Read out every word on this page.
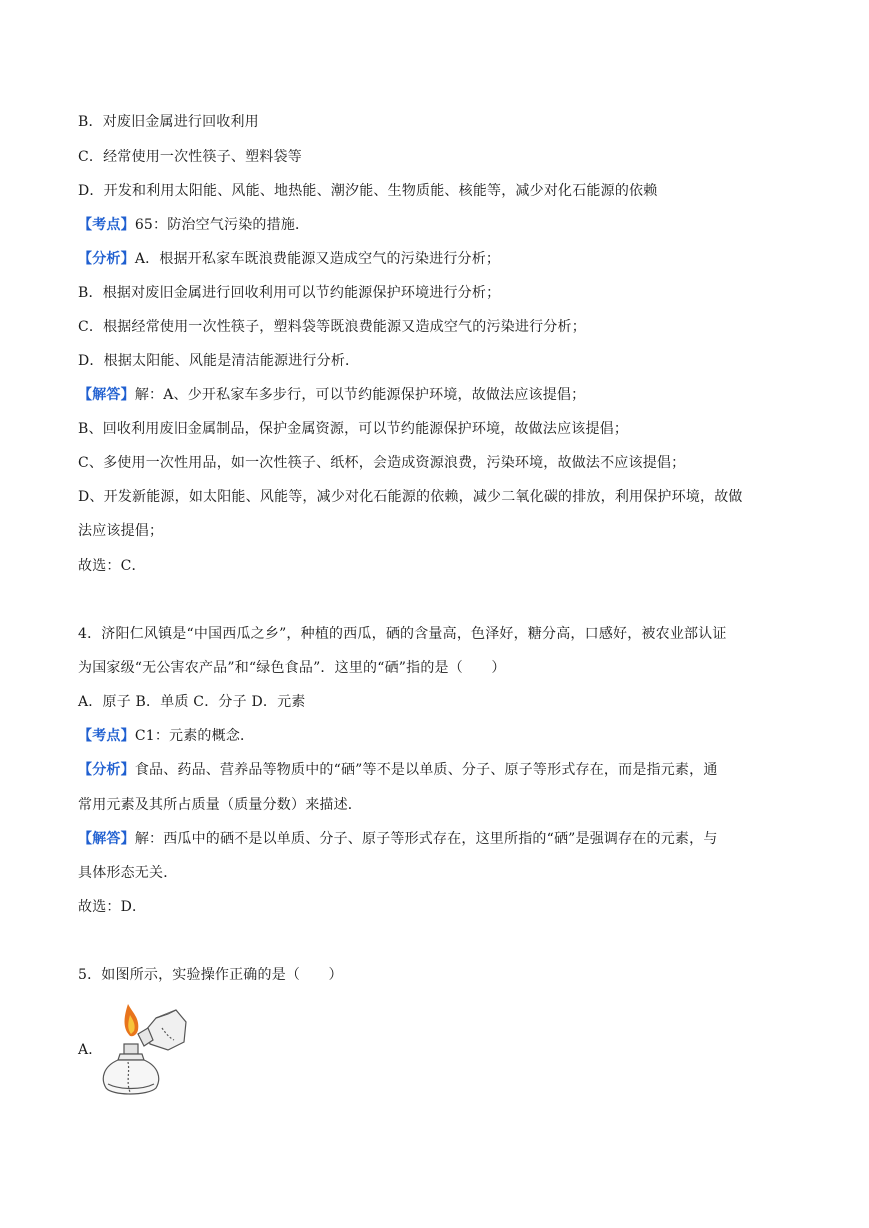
B．对废旧金属进行回收利用
C．经常使用一次性筷子、塑料袋等
D．开发和利用太阳能、风能、地热能、潮汐能、生物质能、核能等，减少对化石能源的依赖
【考点】65：防治空气污染的措施．
【分析】A．根据开私家车既浪费能源又造成空气的污染进行分析；
B．根据对废旧金属进行回收利用可以节约能源保护环境进行分析；
C．根据经常使用一次性筷子，塑料袋等既浪费能源又造成空气的污染进行分析；
D．根据太阳能、风能是清洁能源进行分析．
【解答】解：A、少开私家车多步行，可以节约能源保护环境，故做法应该提倡；
B、回收利用废旧金属制品，保护金属资源，可以节约能源保护环境，故做法应该提倡；
C、多使用一次性用品，如一次性筷子、纸杯，会造成资源浪费，污染环境，故做法不应该提倡；
D、开发新能源，如太阳能、风能等，减少对化石能源的依赖，减少二氧化碳的排放，利用保护环境，故做
法应该提倡；
故选：C．
4．济阳仁风镇是“中国西瓜之乡”，种植的西瓜，硒的含量高，色泽好，糖分高，口感好，被农业部认证
为国家级“无公害农产品”和“绿色食品”．这里的“硒”指的是（　　）
A．原子 B．单质 C．分子 D．元素
【考点】C1：元素的概念．
【分析】食品、药品、营养品等物质中的“硒”等不是以单质、分子、原子等形式存在，而是指元素，通
常用元素及其所占质量（质量分数）来描述．
【解答】解：西瓜中的硒不是以单质、分子、原子等形式存在，这里所指的“硒”是强调存在的元素，与
具体形态无关．
故选：D．
5．如图所示，实验操作正确的是（　　）
A．
